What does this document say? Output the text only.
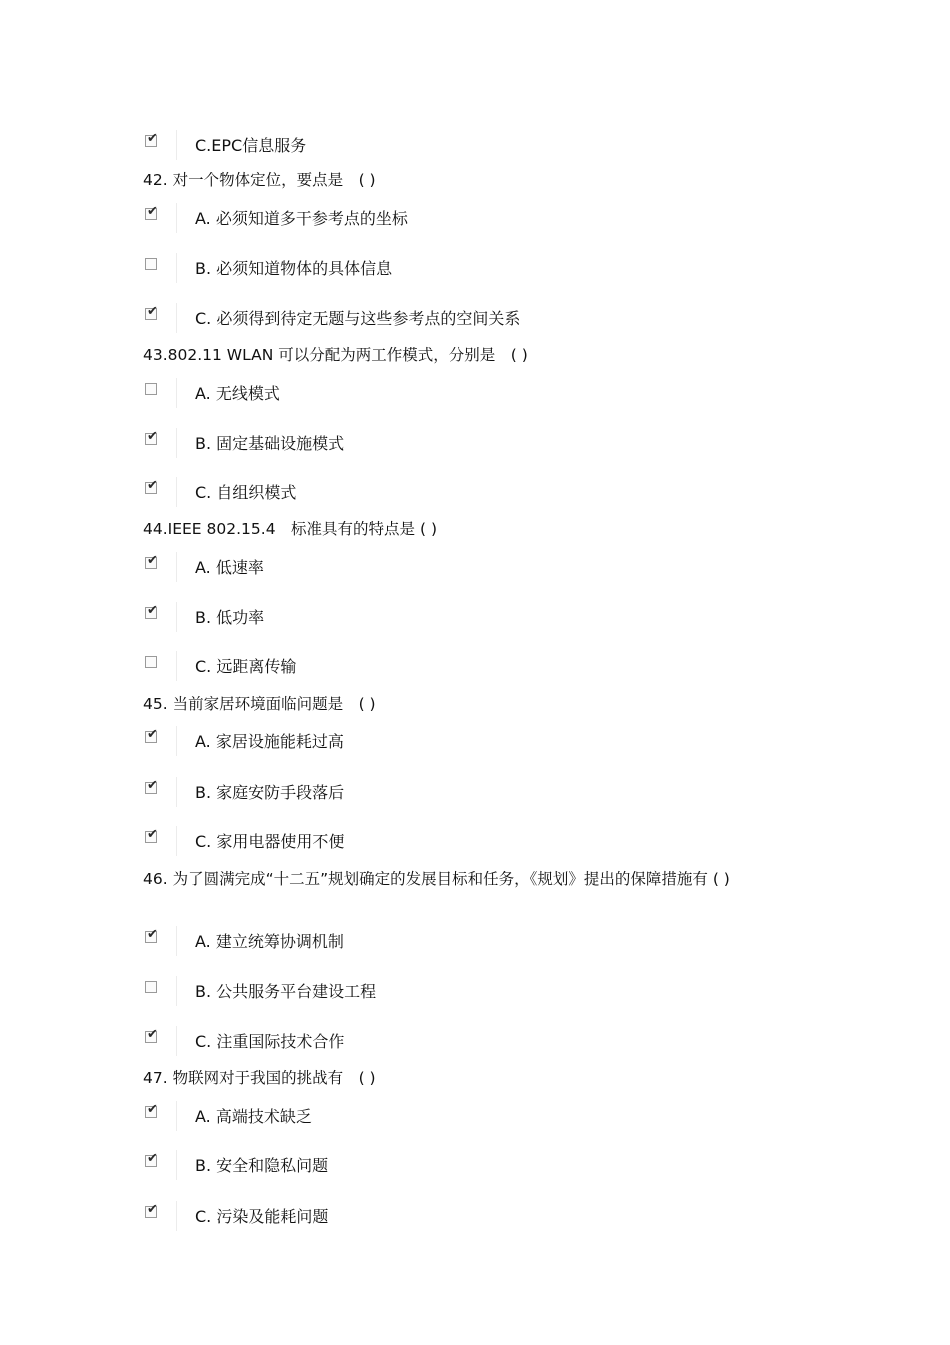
✔ C.EPC信息服务
42. 对一个物体定位，要点是　( )
✔ A. 必须知道多干参考点的坐标
B. 必须知道物体的具体信息
✔ C. 必须得到待定无题与这些参考点的空间关系
43.802.11 WLAN 可以分配为两工作模式，分别是　( )
A. 无线模式
✔ B. 固定基础设施模式
✔ C. 自组织模式
44.IEEE 802.15.4　标准具有的特点是 ( )
✔ A. 低速率
✔ B. 低功率
C. 远距离传输
45. 当前家居环境面临问题是　( )
✔ A. 家居设施能耗过高
✔ B. 家庭安防手段落后
✔ C. 家用电器使用不便
46. 为了圆满完成“十二五”规划确定的发展目标和任务，《规划》提出的保障措施有 ( )
✔ A. 建立统筹协调机制
B. 公共服务平台建设工程
✔ C. 注重国际技术合作
47. 物联网对于我国的挑战有　( )
✔ A. 高端技术缺乏
✔ B. 安全和隐私问题
✔ C. 污染及能耗问题
